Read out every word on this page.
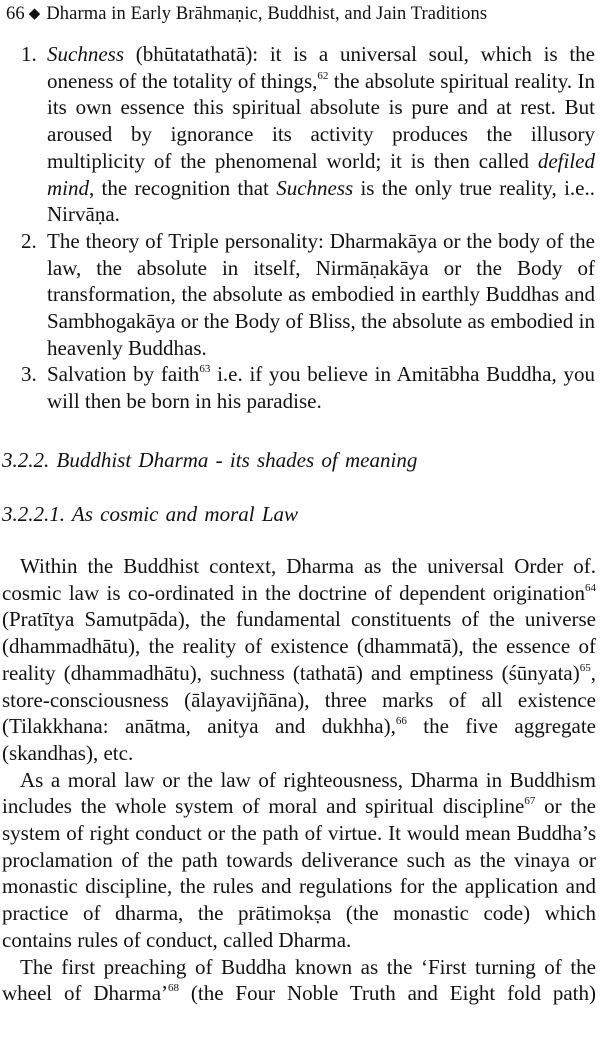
66 ◆ Dharma in Early Brāhmaṇic, Buddhist, and Jain Traditions
1. Suchness (bhūtatathatā): it is a universal soul, which is the oneness of the totality of things,$^{62}$ the absolute spiritual reality. In its own essence this spiritual absolute is pure and at rest. But aroused by ignorance its activity produces the illusory multiplicity of the phenomenal world; it is then called defiled mind, the recognition that Suchness is the only true reality, i.e.. Nirvāṇa.
2. The theory of Triple personality: Dharmakāya or the body of the law, the absolute in itself, Nirmāṇakāya or the Body of transformation, the absolute as embodied in earthly Buddhas and Sambhogakāya or the Body of Bliss, the absolute as embodied in heavenly Buddhas.
3. Salvation by faith$^{63}$ i.e. if you believe in Amitābha Buddha, you will then be born in his paradise.
3.2.2. Buddhist Dharma - its shades of meaning
3.2.2.1. As cosmic and moral Law

Within the Buddhist context, Dharma as the universal Order of. cosmic law is co-ordinated in the doctrine of dependent origination$^{64}$ (Pratītya Samutpāda), the fundamental constituents of the universe (dhammadhātu), the reality of existence (dhammatā), the essence of reality (dhammadhātu), suchness (tathatā) and emptiness (śūnyata)$^{65}$, store-consciousness (ālayavijñāna), three marks of all existence (Tilakkhana: anātma, anitya and dukhha),$^{66}$ the five aggregate (skandhas), etc.

As a moral law or the law of righteousness, Dharma in Buddhism includes the whole system of moral and spiritual discipline$^{67}$ or the system of right conduct or the path of virtue. It would mean Buddha’s proclamation of the path towards deliverance such as the vinaya or monastic discipline, the rules and regulations for the application and practice of dharma, the prātimokṣa (the monastic code) which contains rules of conduct, called Dharma.

The first preaching of Buddha known as the ‘First turning of the wheel of Dharma’$^{68}$ (the Four Noble Truth and Eight fold path)
